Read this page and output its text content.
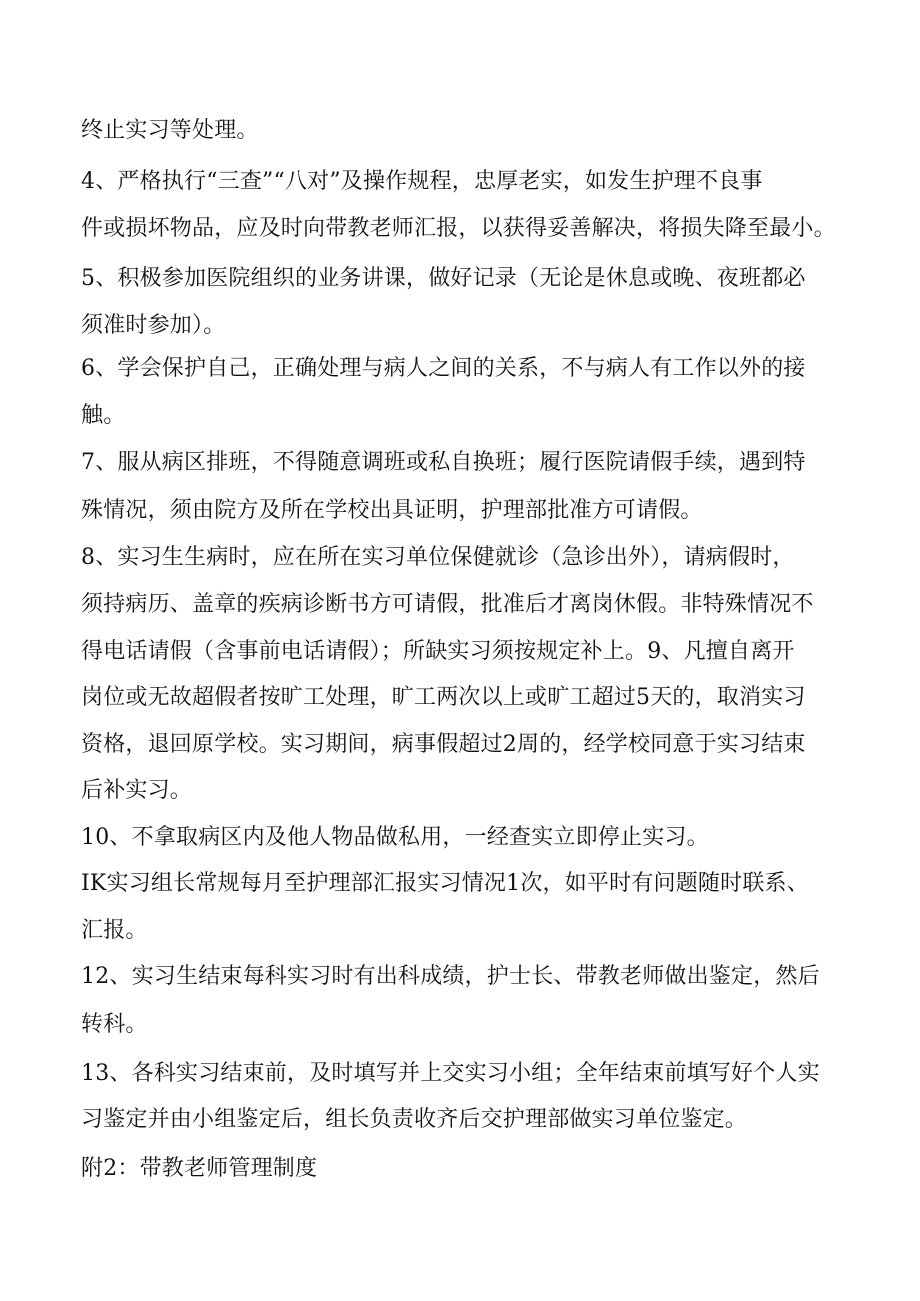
终止实习等处理。
4、严格执行“三查”“八对”及操作规程，忠厚老实，如发生护理不良事
件或损坏物品，应及时向带教老师汇报，以获得妥善解决，将损失降至最小。
5、积极参加医院组织的业务讲课，做好记录（无论是休息或晚、夜班都必
须准时参加）。
6、学会保护自己，正确处理与病人之间的关系，不与病人有工作以外的接
触。
7、服从病区排班，不得随意调班或私自换班；履行医院请假手续，遇到特
殊情况，须由院方及所在学校出具证明，护理部批准方可请假。
8、实习生生病时，应在所在实习单位保健就诊（急诊出外），请病假时，
须持病历、盖章的疾病诊断书方可请假，批准后才离岗休假。非特殊情况不
得电话请假（含事前电话请假）；所缺实习须按规定补上。9、凡擅自离开
岗位或无故超假者按旷工处理，旷工两次以上或旷工超过5天的，取消实习
资格，退回原学校。实习期间，病事假超过2周的，经学校同意于实习结束
后补实习。
10、不拿取病区内及他人物品做私用，一经查实立即停止实习。
IK实习组长常规每月至护理部汇报实习情况1次，如平时有问题随时联系、
汇报。
12、实习生结束每科实习时有出科成绩，护士长、带教老师做出鉴定，然后
转科。
13、各科实习结束前，及时填写并上交实习小组；全年结束前填写好个人实
习鉴定并由小组鉴定后，组长负责收齐后交护理部做实习单位鉴定。
附2：带教老师管理制度
